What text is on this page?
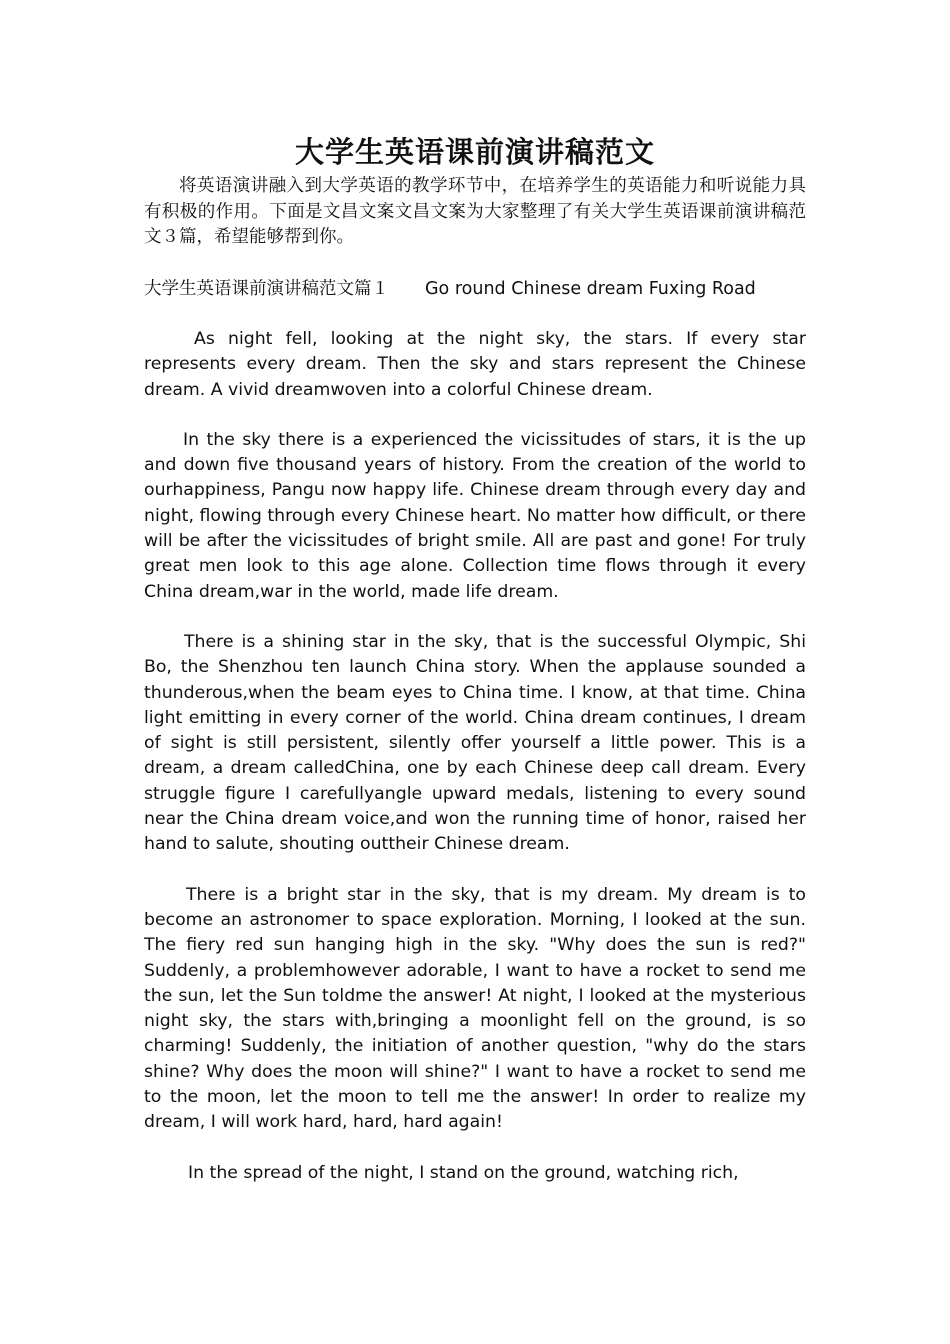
大学生英语课前演讲稿范文

将英语演讲融入到大学英语的教学环节中，在培养学生的英语能力和听说能力具有积极的作用。下面是文昌文案文昌文案为大家整理了有关大学生英语课前演讲稿范文３篇，希望能够帮到你。

大学生英语课前演讲稿范文篇１ Go round Chinese dream Fuxing Road

As night fell, looking at the night sky, the stars. If every star represents every dream. Then the sky and stars represent the Chinese dream. A vivid dreamwoven into a colorful Chinese dream.

In the sky there is a experienced the vicissitudes of stars, it is the up and down five thousand years of history. From the creation of the world to ourhappiness, Pangu now happy life. Chinese dream through every day and night, flowing through every Chinese heart. No matter how difficult, or there will be after the vicissitudes of bright smile. All are past and gone! For truly great men look to this age alone. Collection time flows through it every China dream,war in the world, made life dream.

There is a shining star in the sky, that is the successful Olympic, Shi Bo, the Shenzhou ten launch China story. When the applause sounded a thunderous,when the beam eyes to China time. I know, at that time. China light emitting in every corner of the world. China dream continues, I dream of sight is still persistent, silently offer yourself a little power. This is a dream, a dream calledChina, one by each Chinese deep call dream. Every struggle figure I carefullyangle upward medals, listening to every sound near the China dream voice,and won the running time of honor, raised her hand to salute, shouting outtheir Chinese dream.

There is a bright star in the sky, that is my dream. My dream is to become an astronomer to space exploration. Morning, I looked at the sun. The fiery red sun hanging high in the sky. "Why does the sun is red?" Suddenly, a problemhowever adorable, I want to have a rocket to send me the sun, let the Sun toldme the answer! At night, I looked at the mysterious night sky, the stars with,bringing a moonlight fell on the ground, is so charming! Suddenly, the initiation of another question, "why do the stars shine? Why does the moon will shine?" I want to have a rocket to send me to the moon, let the moon to tell me the answer! In order to realize my dream, I will work hard, hard, hard again!

In the spread of the night, I stand on the ground, watching rich,
